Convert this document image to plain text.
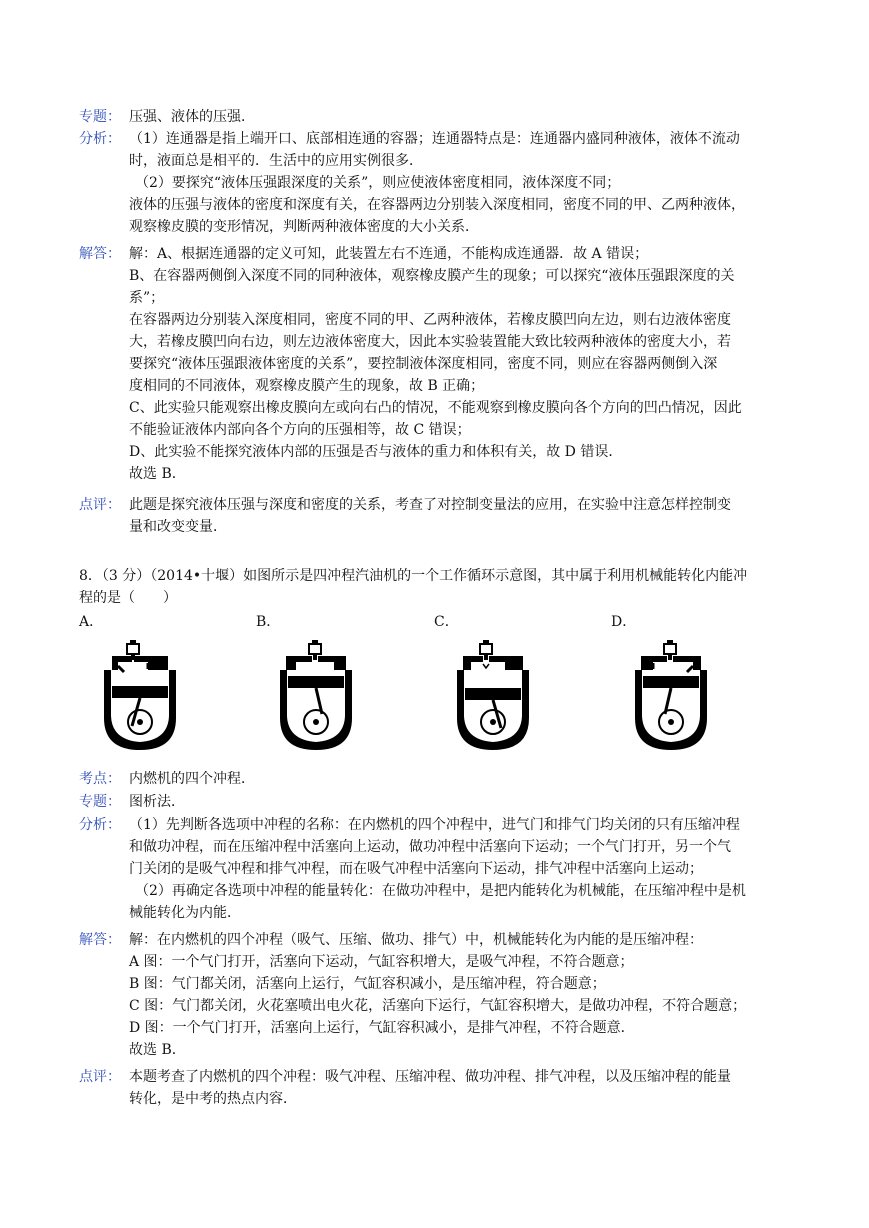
专题： 压强、液体的压强．
分析： （1）连通器是指上端开口、底部相连通的容器；连通器特点是：连通器内盛同种液体，液体不流动
时，液面总是相平的．生活中的应用实例很多．
（2）要探究“液体压强跟深度的关系”，则应使液体密度相同，液体深度不同；
液体的压强与液体的密度和深度有关，在容器两边分别装入深度相同，密度不同的甲、乙两种液体，
观察橡皮膜的变形情况，判断两种液体密度的大小关系．
解答： 解：A、根据连通器的定义可知，此装置左右不连通，不能构成连通器．故 A 错误；
B、在容器两侧倒入深度不同的同种液体，观察橡皮膜产生的现象；可以探究“液体压强跟深度的关
系”；
在容器两边分别装入深度相同，密度不同的甲、乙两种液体，若橡皮膜凹向左边，则右边液体密度
大，若橡皮膜凹向右边，则左边液体密度大，因此本实验装置能大致比较两种液体的密度大小，若
要探究“液体压强跟液体密度的关系”，要控制液体深度相同，密度不同，则应在容器两侧倒入深
度相同的不同液体，观察橡皮膜产生的现象，故 B 正确；
C、此实验只能观察出橡皮膜向左或向右凸的情况，不能观察到橡皮膜向各个方向的凹凸情况，因此
不能验证液体内部向各个方向的压强相等，故 C 错误；
D、此实验不能探究液体内部的压强是否与液体的重力和体积有关，故 D 错误．
故选 B．
点评： 此题是探究液体压强与深度和密度的关系，考查了对控制变量法的应用，在实验中注意怎样控制变
量和改变变量．
8．（3 分）（2014•十堰）如图所示是四冲程汽油机的一个工作循环示意图，其中属于利用机械能转化内能冲
程的是（　　）
A．	B．	C．	D．
考点： 内燃机的四个冲程．
专题： 图析法．
分析： （1）先判断各选项中冲程的名称：在内燃机的四个冲程中，进气门和排气门均关闭的只有压缩冲程
和做功冲程，而在压缩冲程中活塞向上运动，做功冲程中活塞向下运动；一个气门打开，另一个气
门关闭的是吸气冲程和排气冲程，而在吸气冲程中活塞向下运动，排气冲程中活塞向上运动；
（2）再确定各选项中冲程的能量转化：在做功冲程中，是把内能转化为机械能，在压缩冲程中是机
械能转化为内能．
解答： 解：在内燃机的四个冲程（吸气、压缩、做功、排气）中，机械能转化为内能的是压缩冲程：
A 图：一个气门打开，活塞向下运动，气缸容积增大，是吸气冲程，不符合题意；
B 图：气门都关闭，活塞向上运行，气缸容积减小，是压缩冲程，符合题意；
C 图：气门都关闭，火花塞喷出电火花，活塞向下运行，气缸容积增大，是做功冲程，不符合题意；
D 图：一个气门打开，活塞向上运行，气缸容积减小，是排气冲程，不符合题意．
故选 B．
点评： 本题考查了内燃机的四个冲程：吸气冲程、压缩冲程、做功冲程、排气冲程，以及压缩冲程的能量
转化，是中考的热点内容．
